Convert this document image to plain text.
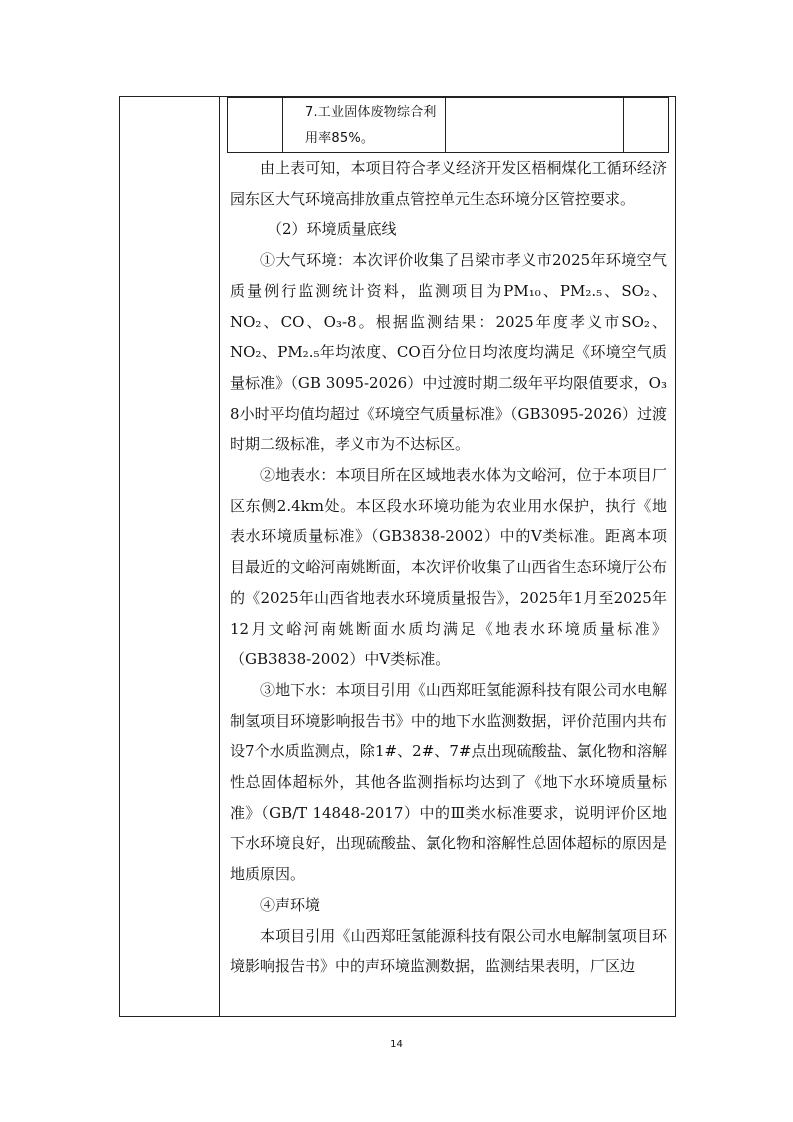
	7.工业固体废物综合利用率85%。		

由上表可知，本项目符合孝义经济开发区梧桐煤化工循环经济园东区大气环境高排放重点管控单元生态环境分区管控要求。

（2）环境质量底线

①大气环境：本次评价收集了吕梁市孝义市2025年环境空气质量例行监测统计资料，监测项目为PM₁₀、PM₂.₅、SO₂、NO₂、CO、O₃-8。根据监测结果：2025年度孝义市SO₂、NO₂、PM₂.₅年均浓度、CO百分位日均浓度均满足《环境空气质量标准》（GB 3095-2026）中过渡时期二级年平均限值要求，O₃ 8小时平均值均超过《环境空气质量标准》（GB3095-2026）过渡时期二级标准，孝义市为不达标区。

②地表水：本项目所在区域地表水体为文峪河，位于本项目厂区东侧2.4km处。本区段水环境功能为农业用水保护，执行《地表水环境质量标准》（GB3838-2002）中的Ⅴ类标准。距离本项目最近的文峪河南姚断面，本次评价收集了山西省生态环境厅公布的《2025年山西省地表水环境质量报告》，2025年1月至2025年12月文峪河南姚断面水质均满足《地表水环境质量标准》（GB3838-2002）中Ⅴ类标准。

③地下水：本项目引用《山西郑旺氢能源科技有限公司水电解制氢项目环境影响报告书》中的地下水监测数据，评价范围内共布设7个水质监测点，除1#、2#、7#点出现硫酸盐、氯化物和溶解性总固体超标外，其他各监测指标均达到了《地下水环境质量标准》（GB/T 14848-2017）中的Ⅲ类水标准要求，说明评价区地下水环境良好，出现硫酸盐、氯化物和溶解性总固体超标的原因是地质原因。

④声环境

本项目引用《山西郑旺氢能源科技有限公司水电解制氢项目环境影响报告书》中的声环境监测数据，监测结果表明，厂区边

14
